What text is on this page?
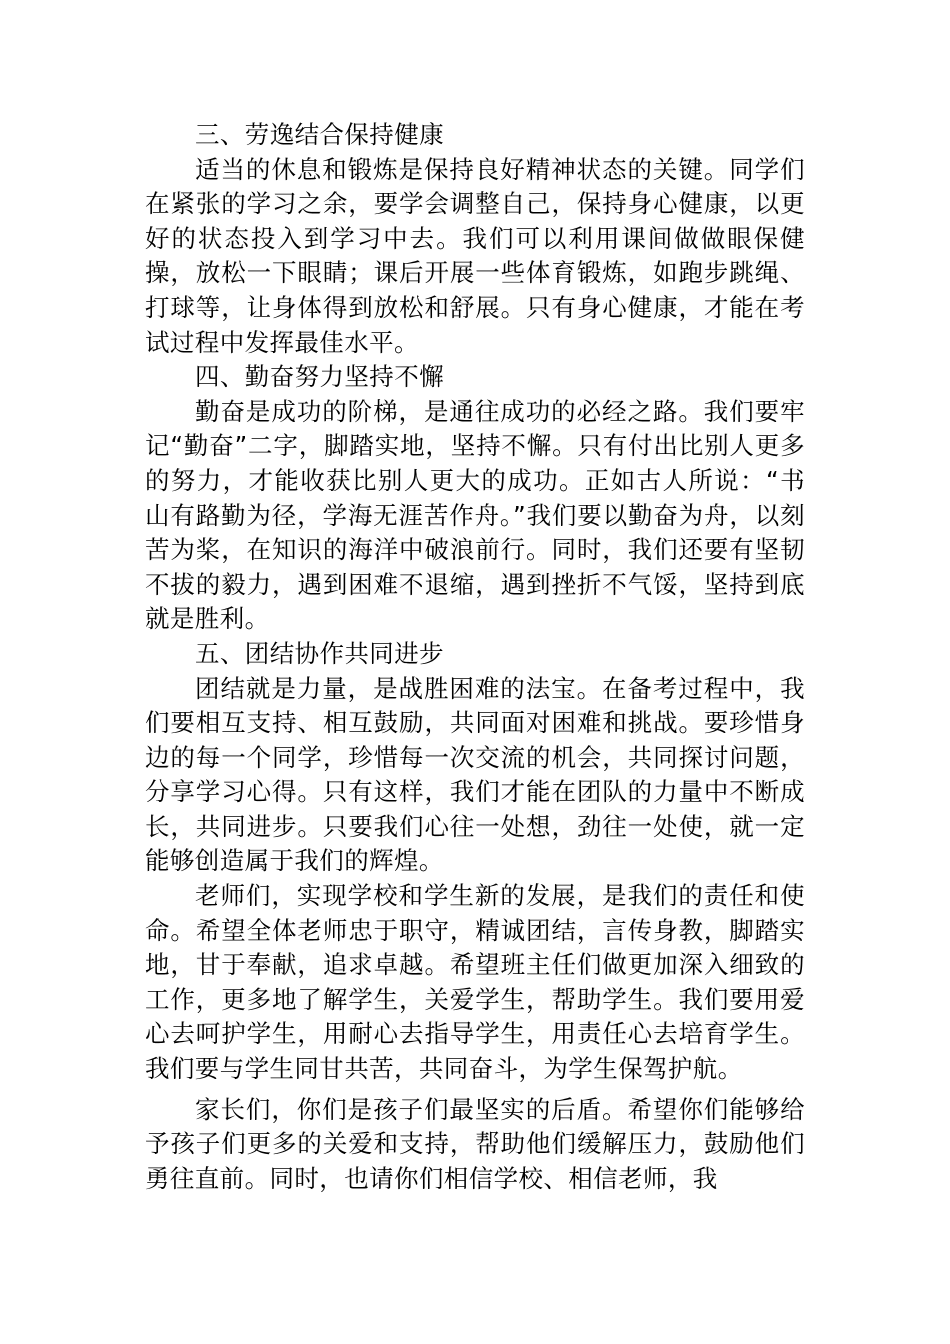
三、劳逸结合保持健康

适当的休息和锻炼是保持良好精神状态的关键。同学们在紧张的学习之余，要学会调整自己，保持身心健康，以更好的状态投入到学习中去。我们可以利用课间做做眼保健操，放松一下眼睛；课后开展一些体育锻炼，如跑步跳绳、打球等，让身体得到放松和舒展。只有身心健康，才能在考试过程中发挥最佳水平。

四、勤奋努力坚持不懈

勤奋是成功的阶梯，是通往成功的必经之路。我们要牢记“勤奋”二字，脚踏实地，坚持不懈。只有付出比别人更多的努力，才能收获比别人更大的成功。正如古人所说：“书山有路勤为径，学海无涯苦作舟。”我们要以勤奋为舟，以刻苦为桨，在知识的海洋中破浪前行。同时，我们还要有坚韧不拔的毅力，遇到困难不退缩，遇到挫折不气馁，坚持到底就是胜利。

五、团结协作共同进步

团结就是力量，是战胜困难的法宝。在备考过程中，我们要相互支持、相互鼓励，共同面对困难和挑战。要珍惜身边的每一个同学，珍惜每一次交流的机会，共同探讨问题，分享学习心得。只有这样，我们才能在团队的力量中不断成长，共同进步。只要我们心往一处想，劲往一处使，就一定能够创造属于我们的辉煌。

老师们，实现学校和学生新的发展，是我们的责任和使命。希望全体老师忠于职守，精诚团结，言传身教，脚踏实地，甘于奉献，追求卓越。希望班主任们做更加深入细致的工作，更多地了解学生，关爱学生，帮助学生。我们要用爱心去呵护学生，用耐心去指导学生，用责任心去培育学生。我们要与学生同甘共苦，共同奋斗，为学生保驾护航。

家长们，你们是孩子们最坚实的后盾。希望你们能够给予孩子们更多的关爱和支持，帮助他们缓解压力，鼓励他们勇往直前。同时，也请你们相信学校、相信老师，我
